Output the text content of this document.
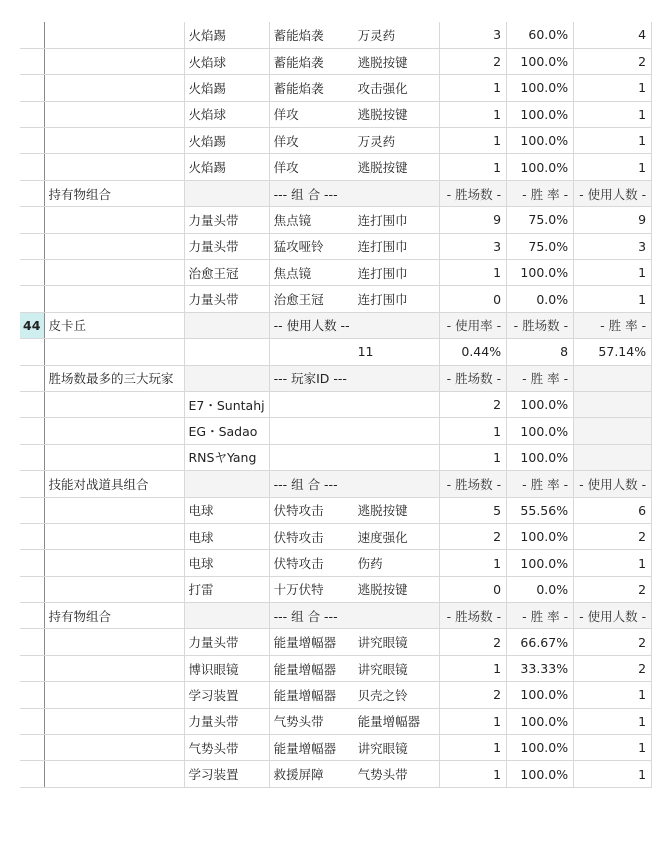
		火焰踢	蓄能焰袭	万灵药	3	60.0%	4
		火焰球	蓄能焰袭	逃脱按键	2	100.0%	2
		火焰踢	蓄能焰袭	攻击强化	1	100.0%	1
		火焰球	佯攻	逃脱按键	1	100.0%	1
		火焰踢	佯攻	万灵药	1	100.0%	1
		火焰踢	佯攻	逃脱按键	1	100.0%	1
	持有物组合		--- 组 合 ---		- 胜场数 -	- 胜 率 -	- 使用人数 -
		力量头带	焦点镜	连打围巾	9	75.0%	9
		力量头带	猛攻哑铃	连打围巾	3	75.0%	3
		治愈王冠	焦点镜	连打围巾	1	100.0%	1
		力量头带	治愈王冠	连打围巾	0	0.0%	1
44	皮卡丘		-- 使用人数 --		- 使用率 -	- 胜场数 -	- 胜 率 -
				11	0.44%	8	57.14%
	胜场数最多的三大玩家		--- 玩家ID ---		- 胜场数 -	- 胜 率 -	
		E7・Suntahj			2	100.0%	
		EG・Sadao			1	100.0%	
		RNSヤYang			1	100.0%	
	技能对战道具组合		--- 组 合 ---		- 胜场数 -	- 胜 率 -	- 使用人数 -
		电球	伏特攻击	逃脱按键	5	55.56%	6
		电球	伏特攻击	速度强化	2	100.0%	2
		电球	伏特攻击	伤药	1	100.0%	1
		打雷	十万伏特	逃脱按键	0	0.0%	2
	持有物组合		--- 组 合 ---		- 胜场数 -	- 胜 率 -	- 使用人数 -
		力量头带	能量增幅器	讲究眼镜	2	66.67%	2
		博识眼镜	能量增幅器	讲究眼镜	1	33.33%	2
		学习装置	能量增幅器	贝壳之铃	2	100.0%	1
		力量头带	气势头带	能量增幅器	1	100.0%	1
		气势头带	能量增幅器	讲究眼镜	1	100.0%	1
		学习装置	救援屏障	气势头带	1	100.0%	1
